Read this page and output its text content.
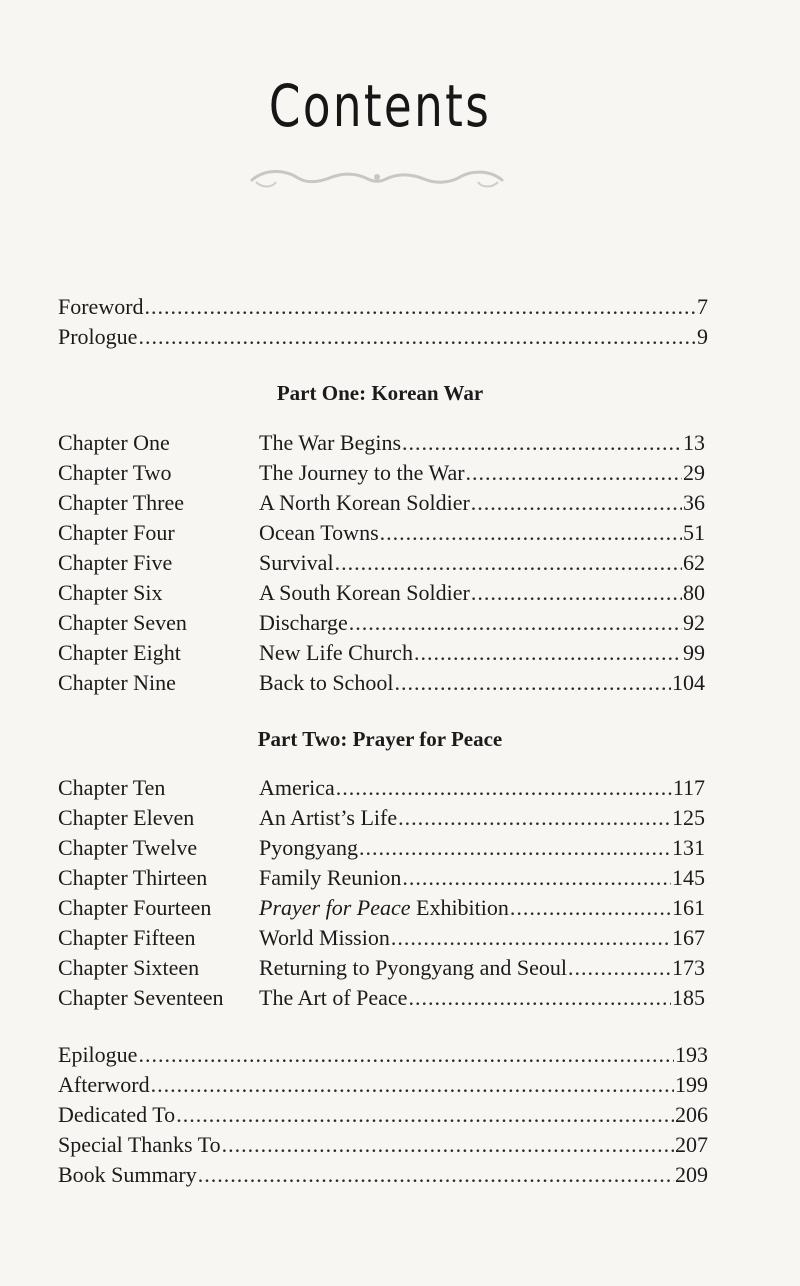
Contents
Foreword .....	7
Prologue .....	9
Part One: Korean War
Chapter One	The War Begins .....	13
Chapter Two	The Journey to the War .....	29
Chapter Three	A North Korean Soldier .....	36
Chapter Four	Ocean Towns .....	51
Chapter Five	Survival .....	62
Chapter Six	A South Korean Soldier .....	80
Chapter Seven	Discharge .....	92
Chapter Eight	New Life Church .....	99
Chapter Nine	Back to School .....	104
Part Two: Prayer for Peace
Chapter Ten	America .....	117
Chapter Eleven	An Artist’s Life .....	125
Chapter Twelve	Pyongyang .....	131
Chapter Thirteen	Family Reunion .....	145
Chapter Fourteen	Prayer for Peace Exhibition .....	161
Chapter Fifteen	World Mission .....	167
Chapter Sixteen	Returning to Pyongyang and Seoul .....	173
Chapter Seventeen	The Art of Peace .....	185
Epilogue .....	193
Afterword .....	199
Dedicated To .....	206
Special Thanks To .....	207
Book Summary .....	209
